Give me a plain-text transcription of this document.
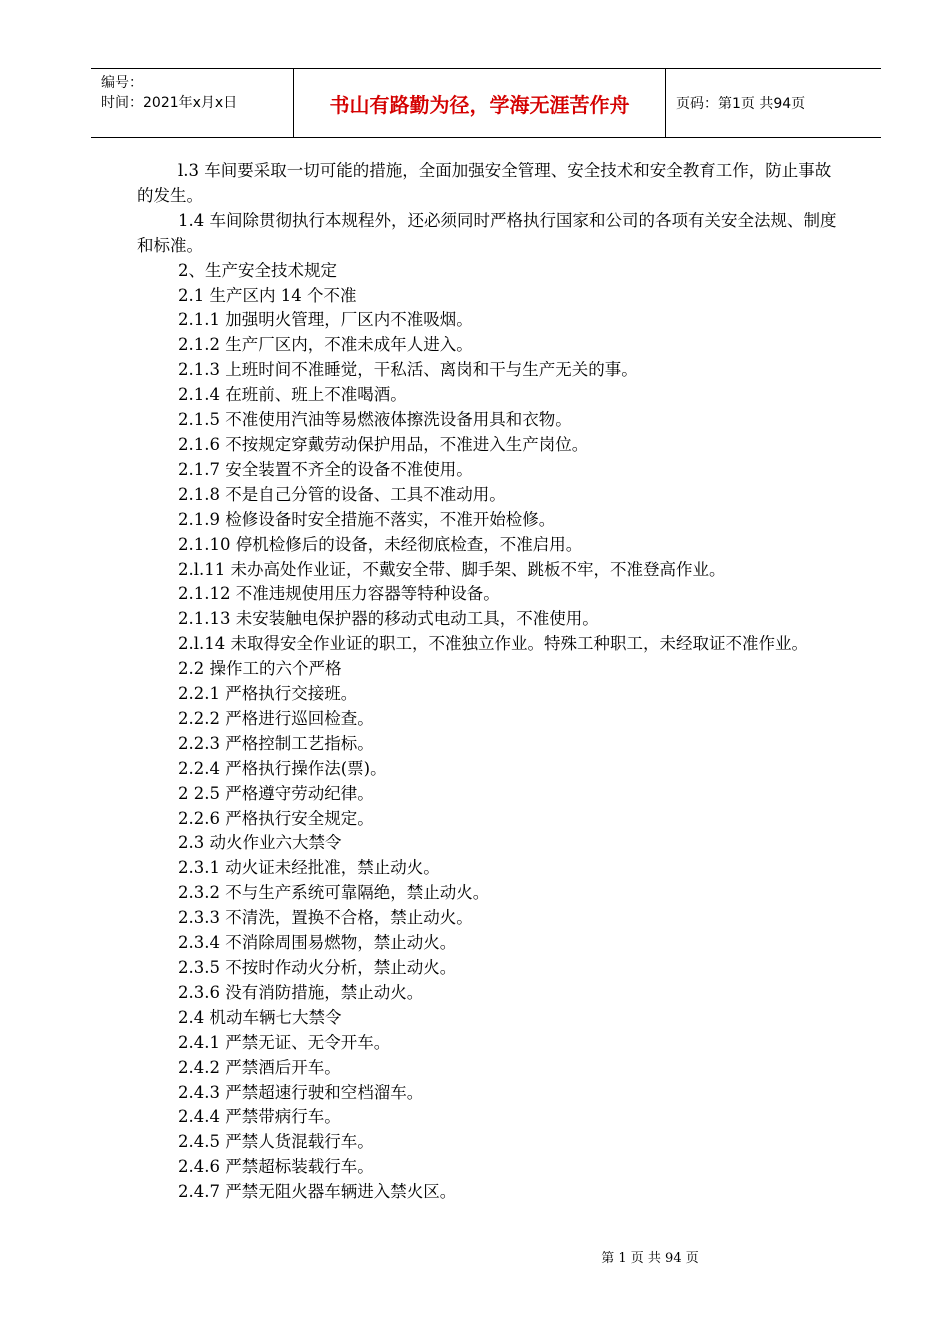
编号：
时间：2021年x月x日	书山有路勤为径，学海无涯苦作舟	页码：第1页 共94页

l.3 车间要采取一切可能的措施，全面加强安全管理、安全技术和安全教育工作，防止事故的发生。

1.4 车间除贯彻执行本规程外，还必须同时严格执行国家和公司的各项有关安全法规、制度和标准。

2、生产安全技术规定

2.1 生产区内 14 个不准

2.1.1 加强明火管理，厂区内不准吸烟。

2.1.2 生产厂区内，不准未成年人进入。

2.1.3 上班时间不准睡觉，干私活、离岗和干与生产无关的事。

2.1.4 在班前、班上不准喝酒。

2.1.5 不准使用汽油等易燃液体擦洗设备用具和衣物。

2.1.6 不按规定穿戴劳动保护用品，不准进入生产岗位。

2.1.7 安全装置不齐全的设备不准使用。

2.1.8 不是自己分管的设备、工具不准动用。

2.1.9 检修设备时安全措施不落实，不准开始检修。

2.1.10 停机检修后的设备，未经彻底检查，不准启用。

2.l.11 未办高处作业证，不戴安全带、脚手架、跳板不牢，不准登高作业。

2.1.12 不准违规使用压力容器等特种设备。

2.1.13 未安装触电保护器的移动式电动工具，不准使用。

2.l.14 未取得安全作业证的职工，不准独立作业。特殊工种职工，未经取证不准作业。

2.2 操作工的六个严格

2.2.1 严格执行交接班。

2.2.2 严格进行巡回检查。

2.2.3 严格控制工艺指标。

2.2.4 严格执行操作法(票)。

2 2.5 严格遵守劳动纪律。

2.2.6 严格执行安全规定。

2.3 动火作业六大禁令

2.3.1 动火证未经批准，禁止动火。

2.3.2 不与生产系统可靠隔绝，禁止动火。

2.3.3 不清洗，置换不合格，禁止动火。

2.3.4 不消除周围易燃物，禁止动火。

2.3.5 不按时作动火分析，禁止动火。

2.3.6 没有消防措施，禁止动火。

2.4 机动车辆七大禁令

2.4.1 严禁无证、无令开车。

2.4.2 严禁酒后开车。

2.4.3 严禁超速行驶和空档溜车。

2.4.4 严禁带病行车。

2.4.5 严禁人货混载行车。

2.4.6 严禁超标装载行车。

2.4.7 严禁无阻火器车辆进入禁火区。

第 1 页 共 94 页
